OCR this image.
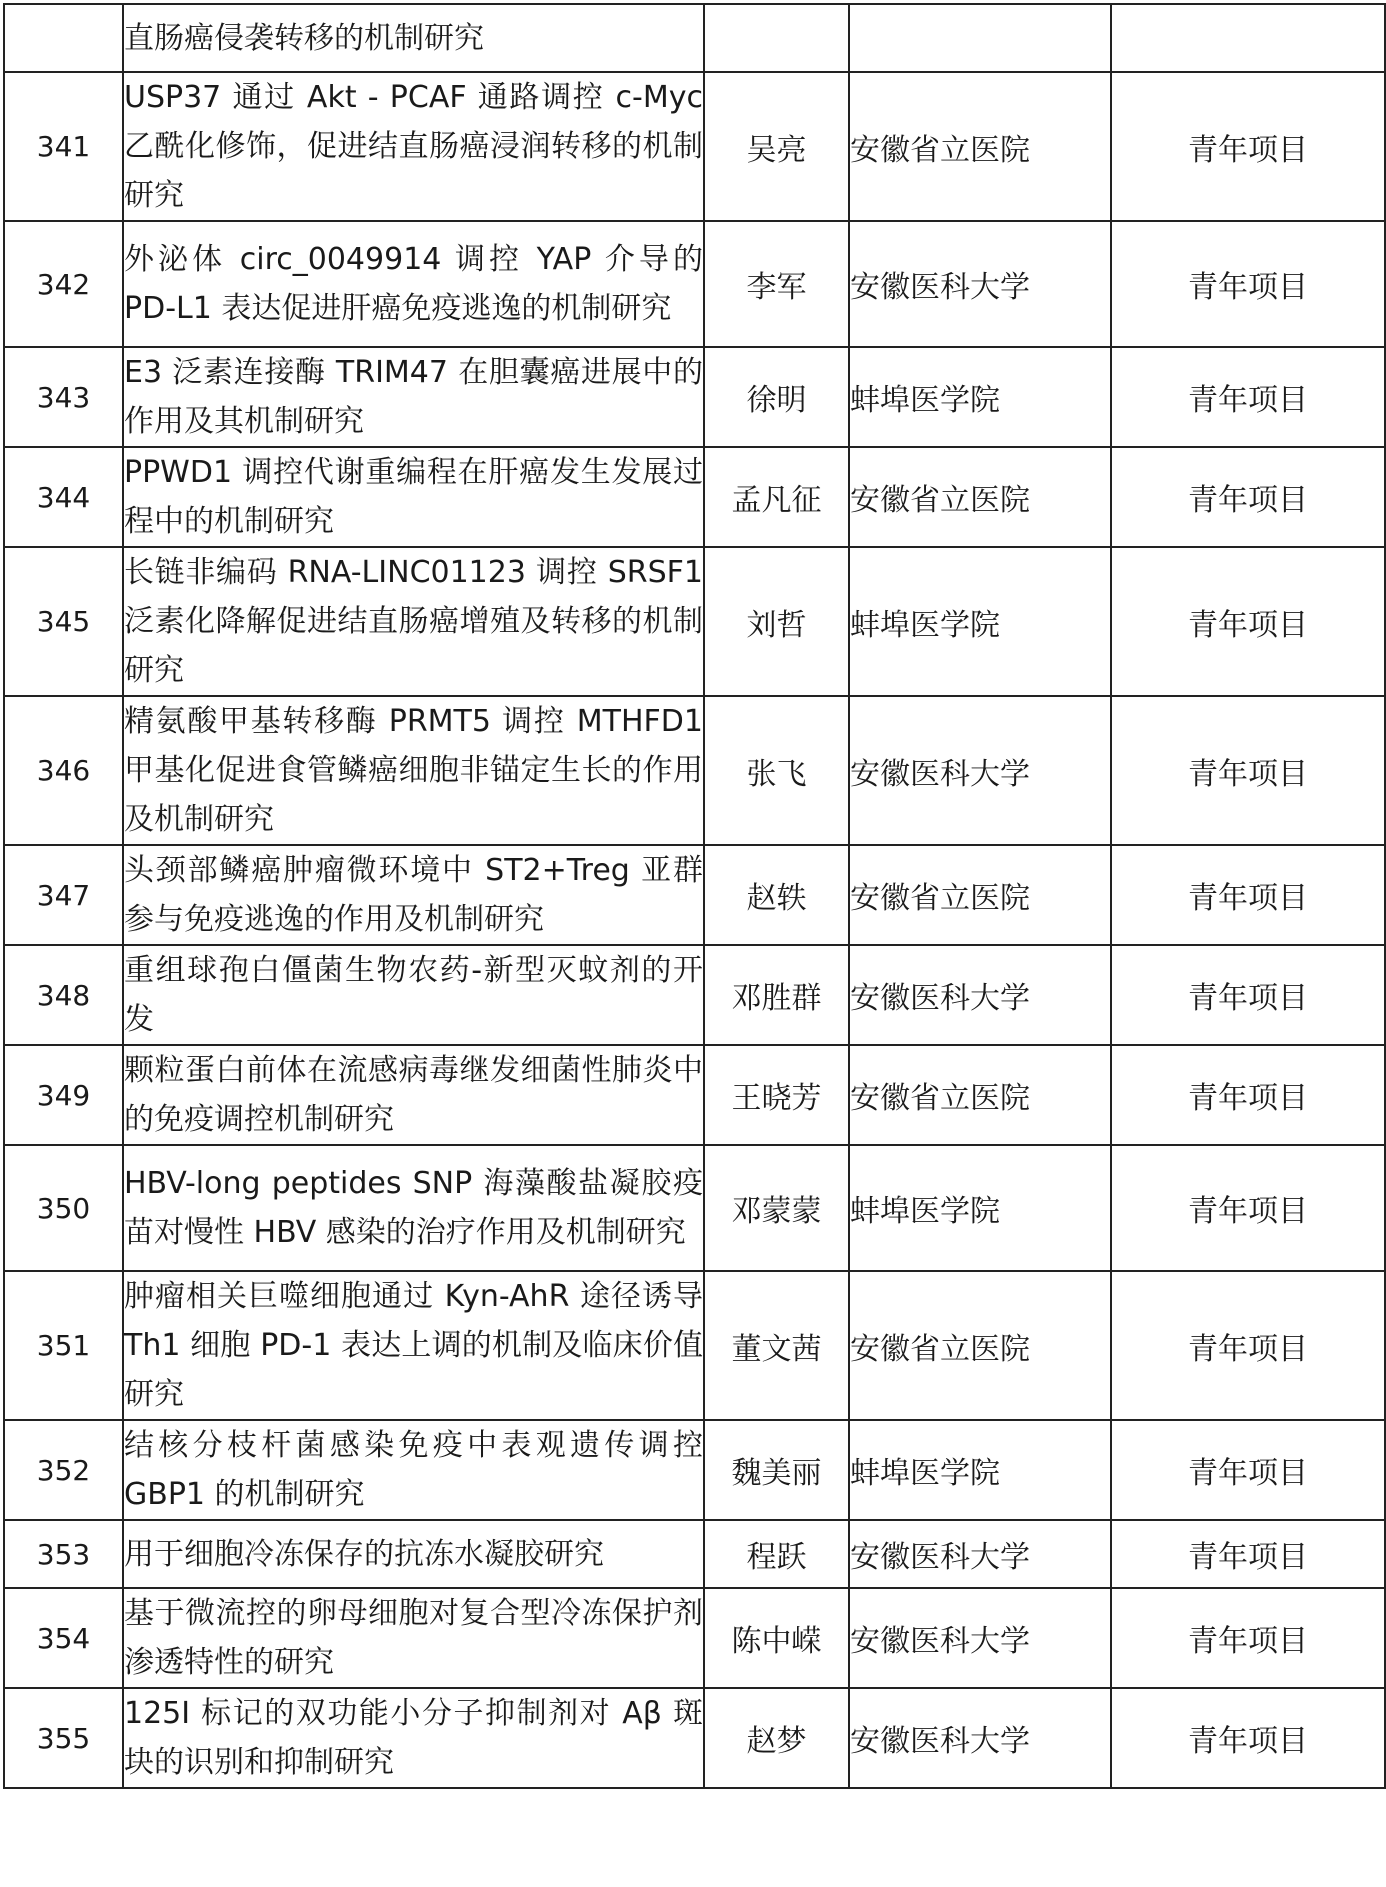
	直肠癌侵袭转移的机制研究			
341	USP37 通过 Akt - PCAF 通路调控 c-Myc 乙酰化修饰，促进结直肠癌浸润转移的机制研究	吴亮	安徽省立医院	青年项目
342	外泌体 circ_0049914 调控 YAP 介导的 PD-L1 表达促进肝癌免疫逃逸的机制研究	李军	安徽医科大学	青年项目
343	E3 泛素连接酶 TRIM47 在胆囊癌进展中的作用及其机制研究	徐明	蚌埠医学院	青年项目
344	PPWD1 调控代谢重编程在肝癌发生发展过程中的机制研究	孟凡征	安徽省立医院	青年项目
345	长链非编码 RNA-LINC01123 调控 SRSF1 泛素化降解促进结直肠癌增殖及转移的机制研究	刘哲	蚌埠医学院	青年项目
346	精氨酸甲基转移酶 PRMT5 调控 MTHFD1 甲基化促进食管鳞癌细胞非锚定生长的作用及机制研究	张飞	安徽医科大学	青年项目
347	头颈部鳞癌肿瘤微环境中 ST2+Treg 亚群参与免疫逃逸的作用及机制研究	赵轶	安徽省立医院	青年项目
348	重组球孢白僵菌生物农药-新型灭蚊剂的开发	邓胜群	安徽医科大学	青年项目
349	颗粒蛋白前体在流感病毒继发细菌性肺炎中的免疫调控机制研究	王晓芳	安徽省立医院	青年项目
350	HBV-long peptides SNP 海藻酸盐凝胶疫苗对慢性 HBV 感染的治疗作用及机制研究	邓蒙蒙	蚌埠医学院	青年项目
351	肿瘤相关巨噬细胞通过 Kyn-AhR 途径诱导 Th1 细胞 PD-1 表达上调的机制及临床价值研究	董文茜	安徽省立医院	青年项目
352	结核分枝杆菌感染免疫中表观遗传调控 GBP1 的机制研究	魏美丽	蚌埠医学院	青年项目
353	用于细胞冷冻保存的抗冻水凝胶研究	程跃	安徽医科大学	青年项目
354	基于微流控的卵母细胞对复合型冷冻保护剂渗透特性的研究	陈中嵘	安徽医科大学	青年项目
355	125I 标记的双功能小分子抑制剂对 Aβ 斑块的识别和抑制研究	赵梦	安徽医科大学	青年项目
